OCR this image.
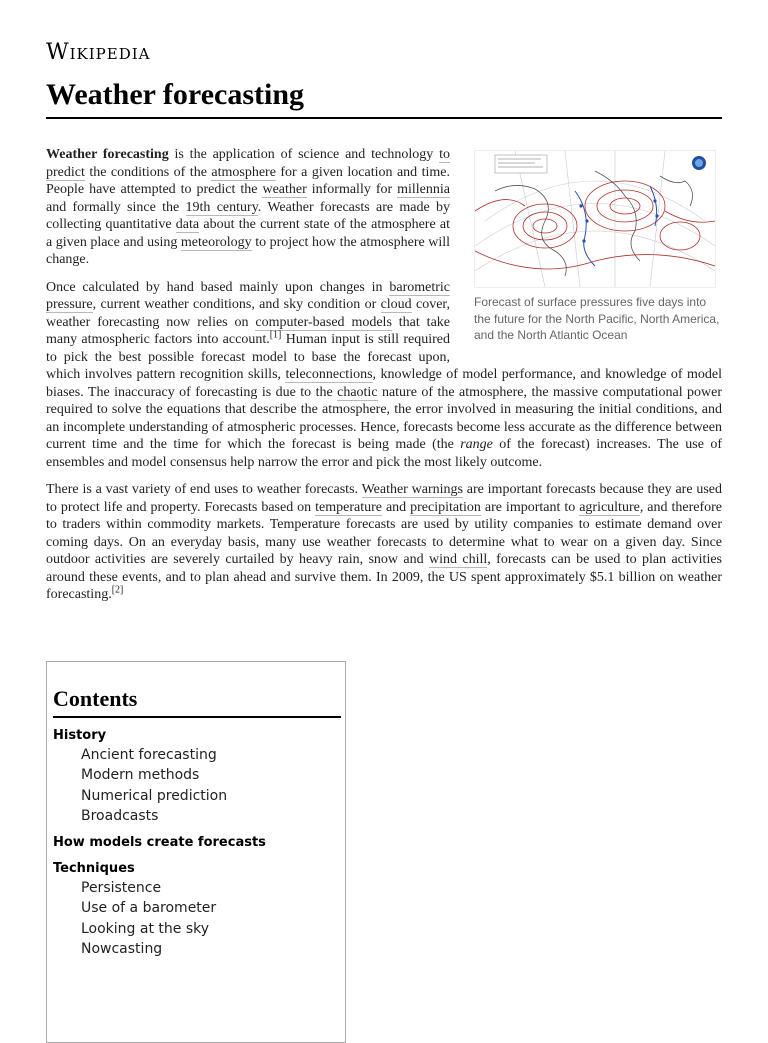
Wikipedia
Weather forecasting
Forecast of surface pressures five days into the future for the North Pacific, North America, and the North Atlantic Ocean

Weather forecasting is the application of science and technology to predict the conditions of the atmosphere for a given location and time. People have attempted to predict the weather informally for millennia and formally since the 19th century. Weather forecasts are made by collecting quantitative data about the current state of the atmosphere at a given place and using meteorology to project how the atmosphere will change.

Once calculated by hand based mainly upon changes in barometric pressure, current weather conditions, and sky condition or cloud cover, weather forecasting now relies on computer-based models that take many atmospheric factors into account.[1] Human input is still required to pick the best possible forecast model to base the forecast upon, which involves pattern recognition skills, teleconnections, knowledge of model performance, and knowledge of model biases. The inaccuracy of forecasting is due to the chaotic nature of the atmosphere, the massive computational power required to solve the equations that describe the atmosphere, the error involved in measuring the initial conditions, and an incomplete understanding of atmospheric processes. Hence, forecasts become less accurate as the difference between current time and the time for which the forecast is being made (the range of the forecast) increases. The use of ensembles and model consensus help narrow the error and pick the most likely outcome.

There is a vast variety of end uses to weather forecasts. Weather warnings are important forecasts because they are used to protect life and property. Forecasts based on temperature and precipitation are important to agriculture, and therefore to traders within commodity markets. Temperature forecasts are used by utility companies to estimate demand over coming days. On an everyday basis, many use weather forecasts to determine what to wear on a given day. Since outdoor activities are severely curtailed by heavy rain, snow and wind chill, forecasts can be used to plan activities around these events, and to plan ahead and survive them. In 2009, the US spent approximately $5.1 billion on weather forecasting.[2]

Contents
History
Ancient forecasting
Modern methods
Numerical prediction
Broadcasts
How models create forecasts
Techniques
Persistence
Use of a barometer
Looking at the sky
Nowcasting
